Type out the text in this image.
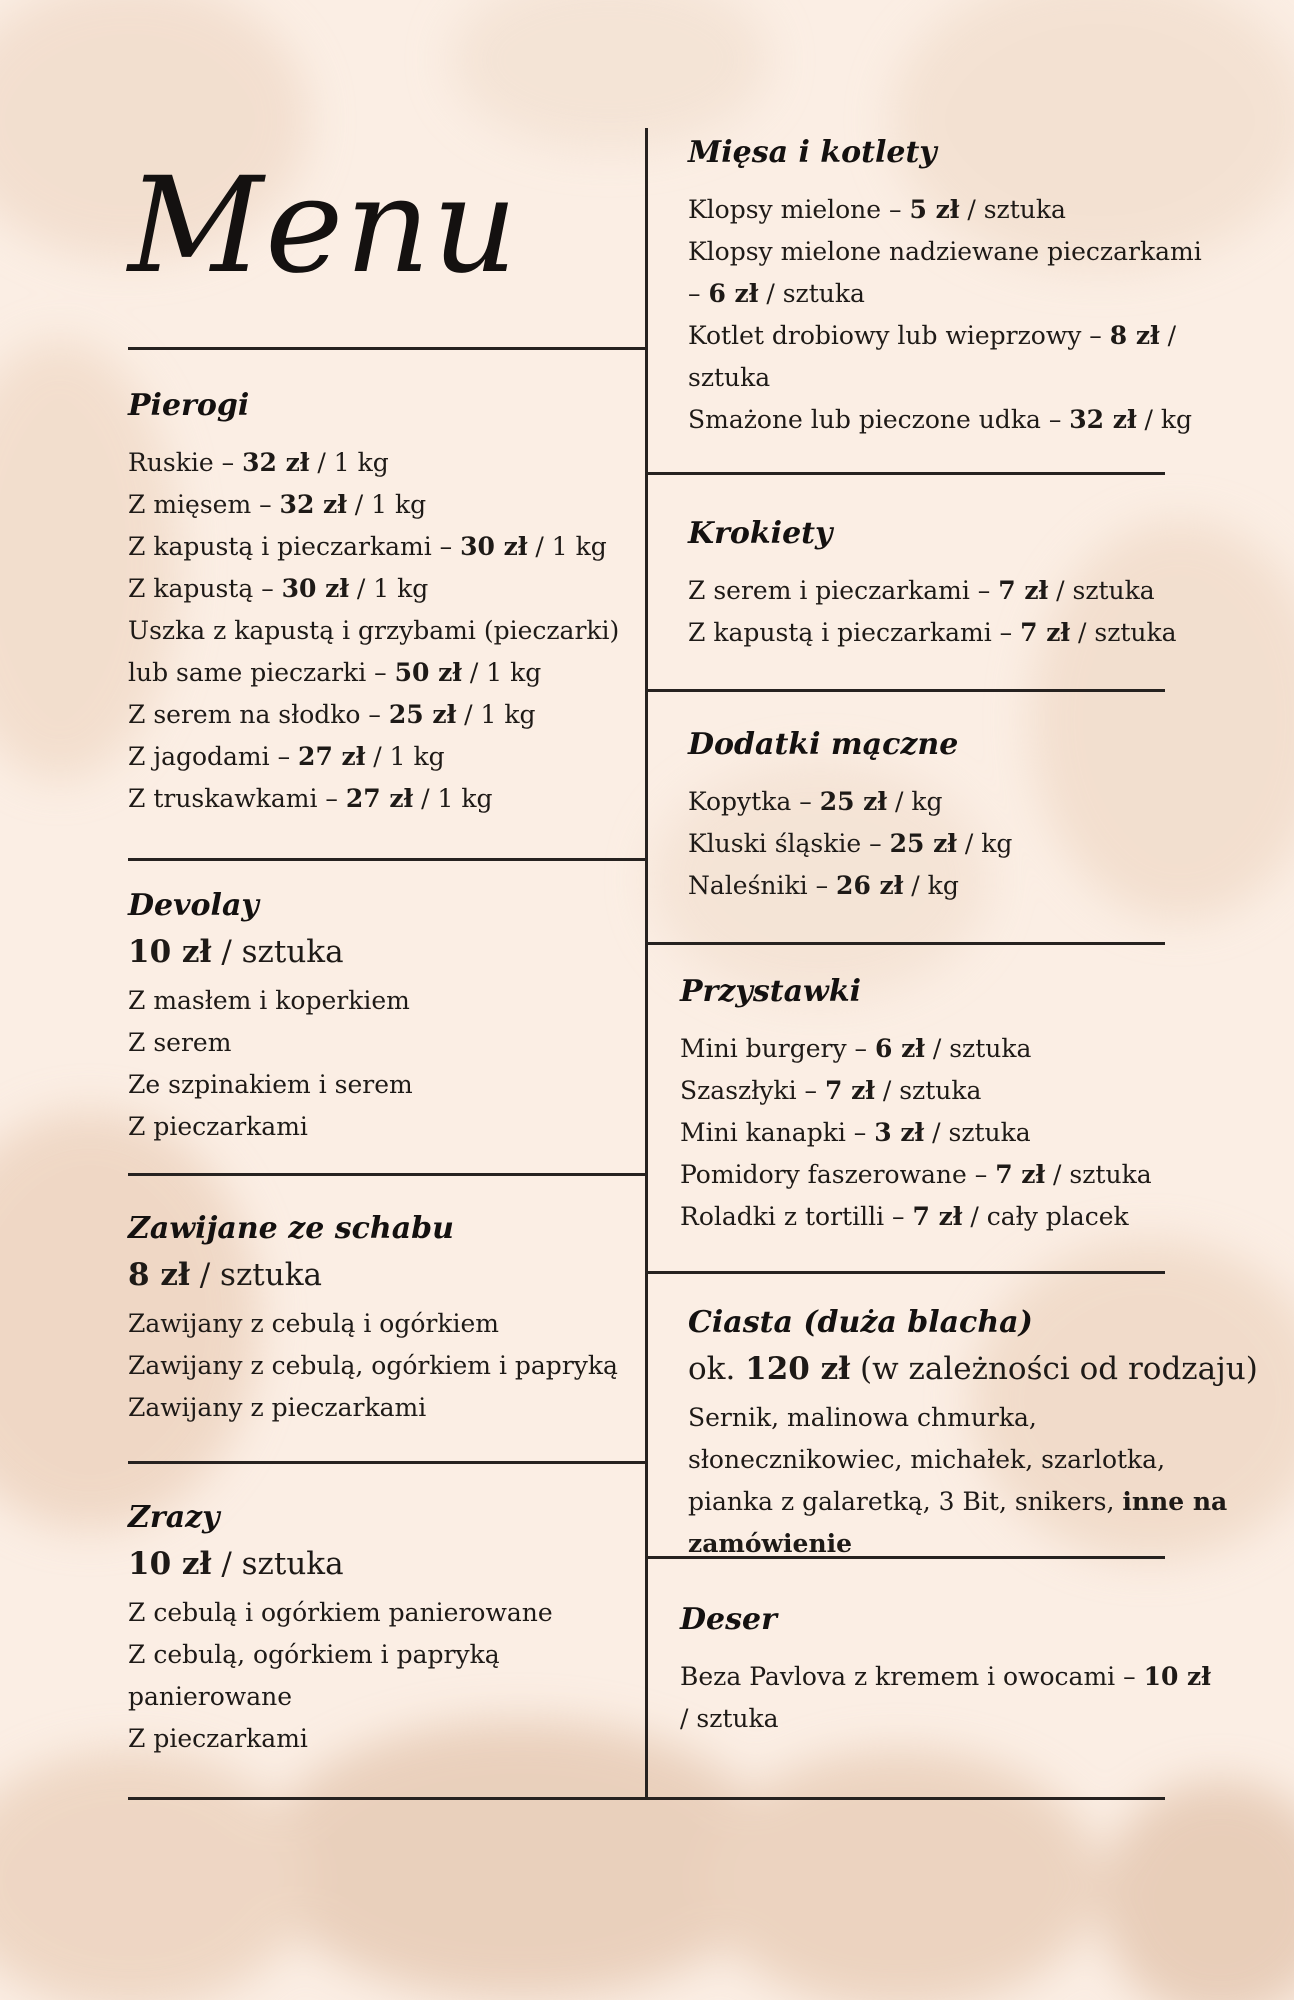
Menu
Pierogi
Ruskie – 32 zł / 1 kg
Z mięsem – 32 zł / 1 kg
Z kapustą i pieczarkami – 30 zł / 1 kg
Z kapustą – 30 zł / 1 kg
Uszka z kapustą i grzybami (pieczarki) lub same pieczarki – 50 zł / 1 kg
Z serem na słodko – 25 zł / 1 kg
Z jagodami – 27 zł / 1 kg
Z truskawkami – 27 zł / 1 kg
Devolay
10 zł / sztuka
Z masłem i koperkiem
Z serem
Ze szpinakiem i serem
Z pieczarkami
Zawijane ze schabu
8 zł / sztuka
Zawijany z cebulą i ogórkiem
Zawijany z cebulą, ogórkiem i papryką
Zawijany z pieczarkami
Zrazy
10 zł / sztuka
Z cebulą i ogórkiem panierowane
Z cebulą, ogórkiem i papryką panierowane
Z pieczarkami
Mięsa i kotlety
Klopsy mielone – 5 zł / sztuka
Klopsy mielone nadziewane pieczarkami – 6 zł / sztuka
Kotlet drobiowy lub wieprzowy – 8 zł / sztuka
Smażone lub pieczone udka – 32 zł / kg
Krokiety
Z serem i pieczarkami – 7 zł / sztuka
Z kapustą i pieczarkami – 7 zł / sztuka
Dodatki mączne
Kopytka – 25 zł / kg
Kluski śląskie – 25 zł / kg
Naleśniki – 26 zł / kg
Przystawki
Mini burgery – 6 zł / sztuka
Szaszłyki – 7 zł / sztuka
Mini kanapki – 3 zł / sztuka
Pomidory faszerowane – 7 zł / sztuka
Roladki z tortilli – 7 zł / cały placek
Ciasta (duża blacha)
ok. 120 zł (w zależności od rodzaju)
Sernik, malinowa chmurka, słonecznikowiec, michałek, szarlotka, pianka z galaretką, 3 Bit, snikers, inne na zamówienie
Deser
Beza Pavlova z kremem i owocami – 10 zł / sztuka
